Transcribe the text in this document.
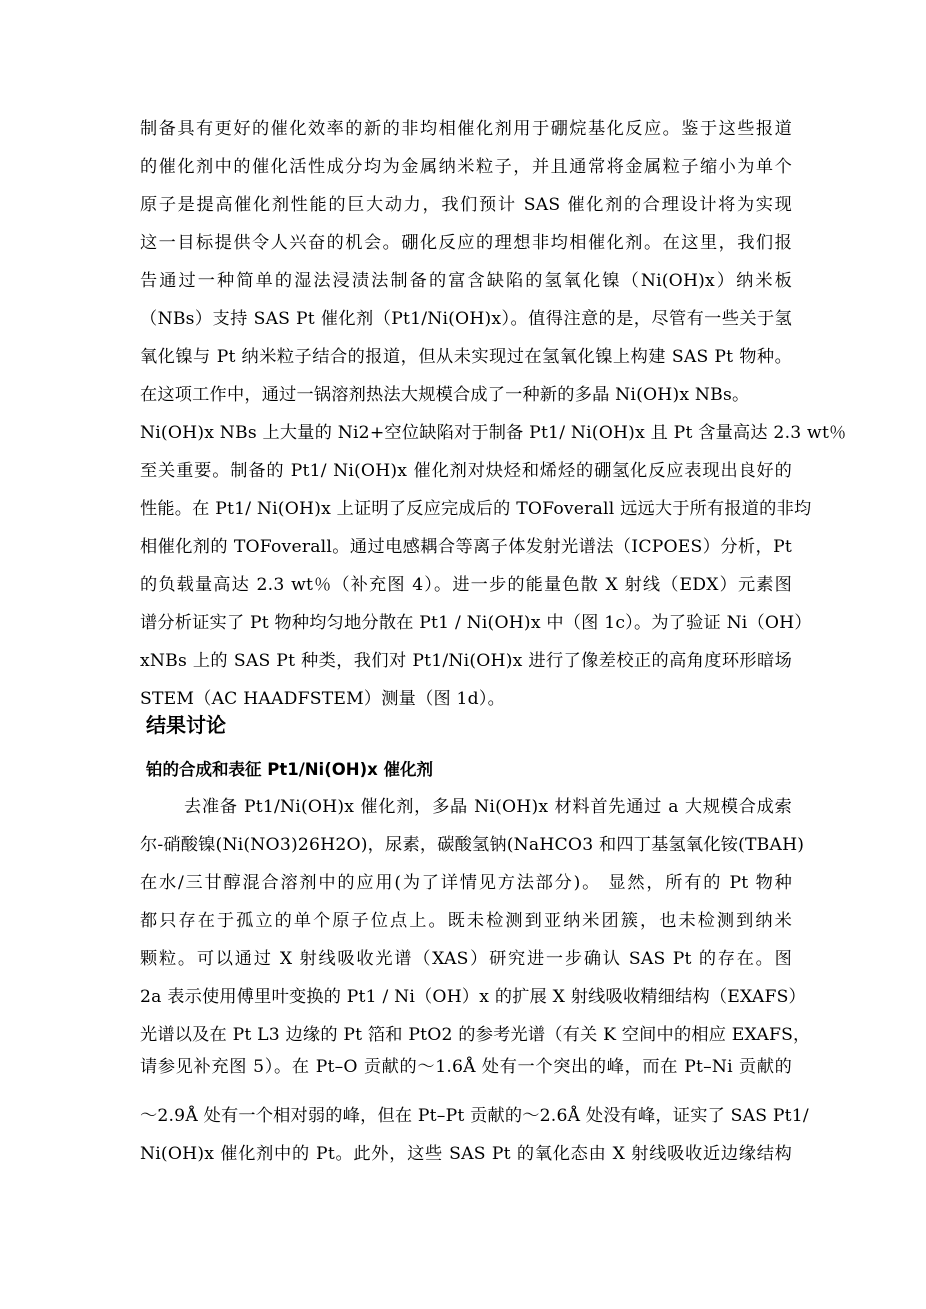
制备具有更好的催化效率的新的非均相催化剂用于硼烷基化反应。鉴于这些报道
的催化剂中的催化活性成分均为金属纳米粒子，并且通常将金属粒子缩小为单个
原子是提高催化剂性能的巨大动力，我们预计 SAS 催化剂的合理设计将为实现
这一目标提供令人兴奋的机会。硼化反应的理想非均相催化剂。在这里，我们报
告通过一种简单的湿法浸渍法制备的富含缺陷的氢氧化镍（Ni(OH)x）纳米板
（NBs）支持 SAS Pt 催化剂（Pt1/Ni(OH)x）。值得注意的是，尽管有一些关于氢
氧化镍与 Pt 纳米粒子结合的报道，但从未实现过在氢氧化镍上构建 SAS Pt 物种。
在这项工作中，通过一锅溶剂热法大规模合成了一种新的多晶 Ni(OH)x NBs。
Ni(OH)x NBs 上大量的 Ni2+空位缺陷对于制备 Pt1/ Ni(OH)x 且 Pt 含量高达 2.3 wt％
至关重要。制备的 Pt1/ Ni(OH)x 催化剂对炔烃和烯烃的硼氢化反应表现出良好的
性能。在 Pt1/ Ni(OH)x 上证明了反应完成后的 TOFoverall 远远大于所有报道的非均
相催化剂的 TOFoverall。通过电感耦合等离子体发射光谱法（ICPOES）分析，Pt
的负载量高达 2.3 wt％（补充图 4）。进一步的能量色散 X 射线（EDX）元素图
谱分析证实了 Pt 物种均匀地分散在 Pt1 / Ni(OH)x 中（图 1c）。为了验证 Ni（OH）
xNBs 上的 SAS Pt 种类，我们对 Pt1/Ni(OH)x 进行了像差校正的高角度环形暗场
STEM（AC HAADFSTEM）测量（图 1d）。
结果讨论
铂的合成和表征 Pt1/Ni(OH)x 催化剂
去准备 Pt1/Ni(OH)x 催化剂，多晶 Ni(OH)x 材料首先通过 a 大规模合成索
尔-硝酸镍(Ni(NO3)26H2O)，尿素，碳酸氢钠(NaHCO3 和四丁基氢氧化铵(TBAH)
在水/三甘醇混合溶剂中的应用(为了详情见方法部分)。 显然，所有的 Pt 物种
都只存在于孤立的单个原子位点上。既未检测到亚纳米团簇，也未检测到纳米
颗粒。可以通过 X 射线吸收光谱（XAS）研究进一步确认 SAS Pt 的存在。图
2a 表示使用傅里叶变换的 Pt1 / Ni（OH）x 的扩展 X 射线吸收精细结构（EXAFS）
光谱以及在 Pt L3 边缘的 Pt 箔和 PtO2 的参考光谱（有关 K 空间中的相应 EXAFS，
请参见补充图 5）。在 Pt–O 贡献的～1.6Å 处有一个突出的峰，而在 Pt–Ni 贡献的
～2.9Å 处有一个相对弱的峰，但在 Pt–Pt 贡献的～2.6Å 处没有峰，证实了 SAS Pt1/
Ni(OH)x 催化剂中的 Pt。此外，这些 SAS Pt 的氧化态由 X 射线吸收近边缘结构
